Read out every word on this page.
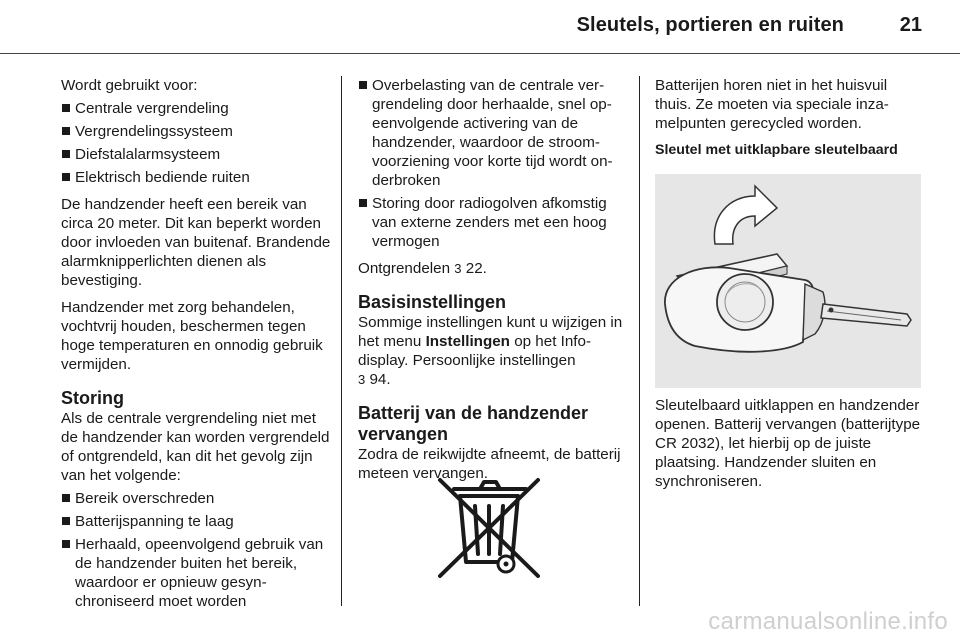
Sleutels, portieren en ruiten	21

Wordt gebruikt voor:

Centrale vergrendeling
Vergrendelingssysteem
Diefstalalarmsysteem
Elektrisch bediende ruiten

De handzender heeft een bereik van circa 20 meter. Dit kan beperkt worden door invloeden van buitenaf. Brandende alarmknipperlichten dienen als bevestiging.

Handzender met zorg behandelen, vochtvrij houden, beschermen tegen hoge temperaturen en onnodig gebruik vermijden.

Storing

Als de centrale vergrendeling niet met de handzender kan worden vergrendeld of ontgrendeld, kan dit het gevolg zijn van het volgende:

Bereik overschreden
Batterijspanning te laag
Herhaald, opeenvolgend gebruik van de handzender buiten het bereik, waardoor er opnieuw gesynchroniseerd moet worden
Overbelasting van de centrale vergrendeling door herhaalde, snel opeenvolgende activering van de handzender, waardoor de stroomvoorziening voor korte tijd wordt onderbroken
Storing door radiogolven afkomstig van externe zenders met een hoog vermogen

Ontgrendelen 3 22.

Basisinstellingen

Sommige instellingen kunt u wijzigen in het menu Instellingen op het Info-display. Persoonlijke instellingen
3 94.

Batterij van de handzender vervangen

Zodra de reikwijdte afneemt, de batterij meteen vervangen.

Batterijen horen niet in het huisvuil thuis. Ze moeten via speciale inzamelpunten gerecycled worden.

Sleutel met uitklapbare sleutelbaard

Sleutelbaard uitklappen en handzender openen. Batterij vervangen (batterijtype CR 2032), let hierbij op de juiste plaatsing. Handzender sluiten en synchroniseren.

carmanualsonline.info
